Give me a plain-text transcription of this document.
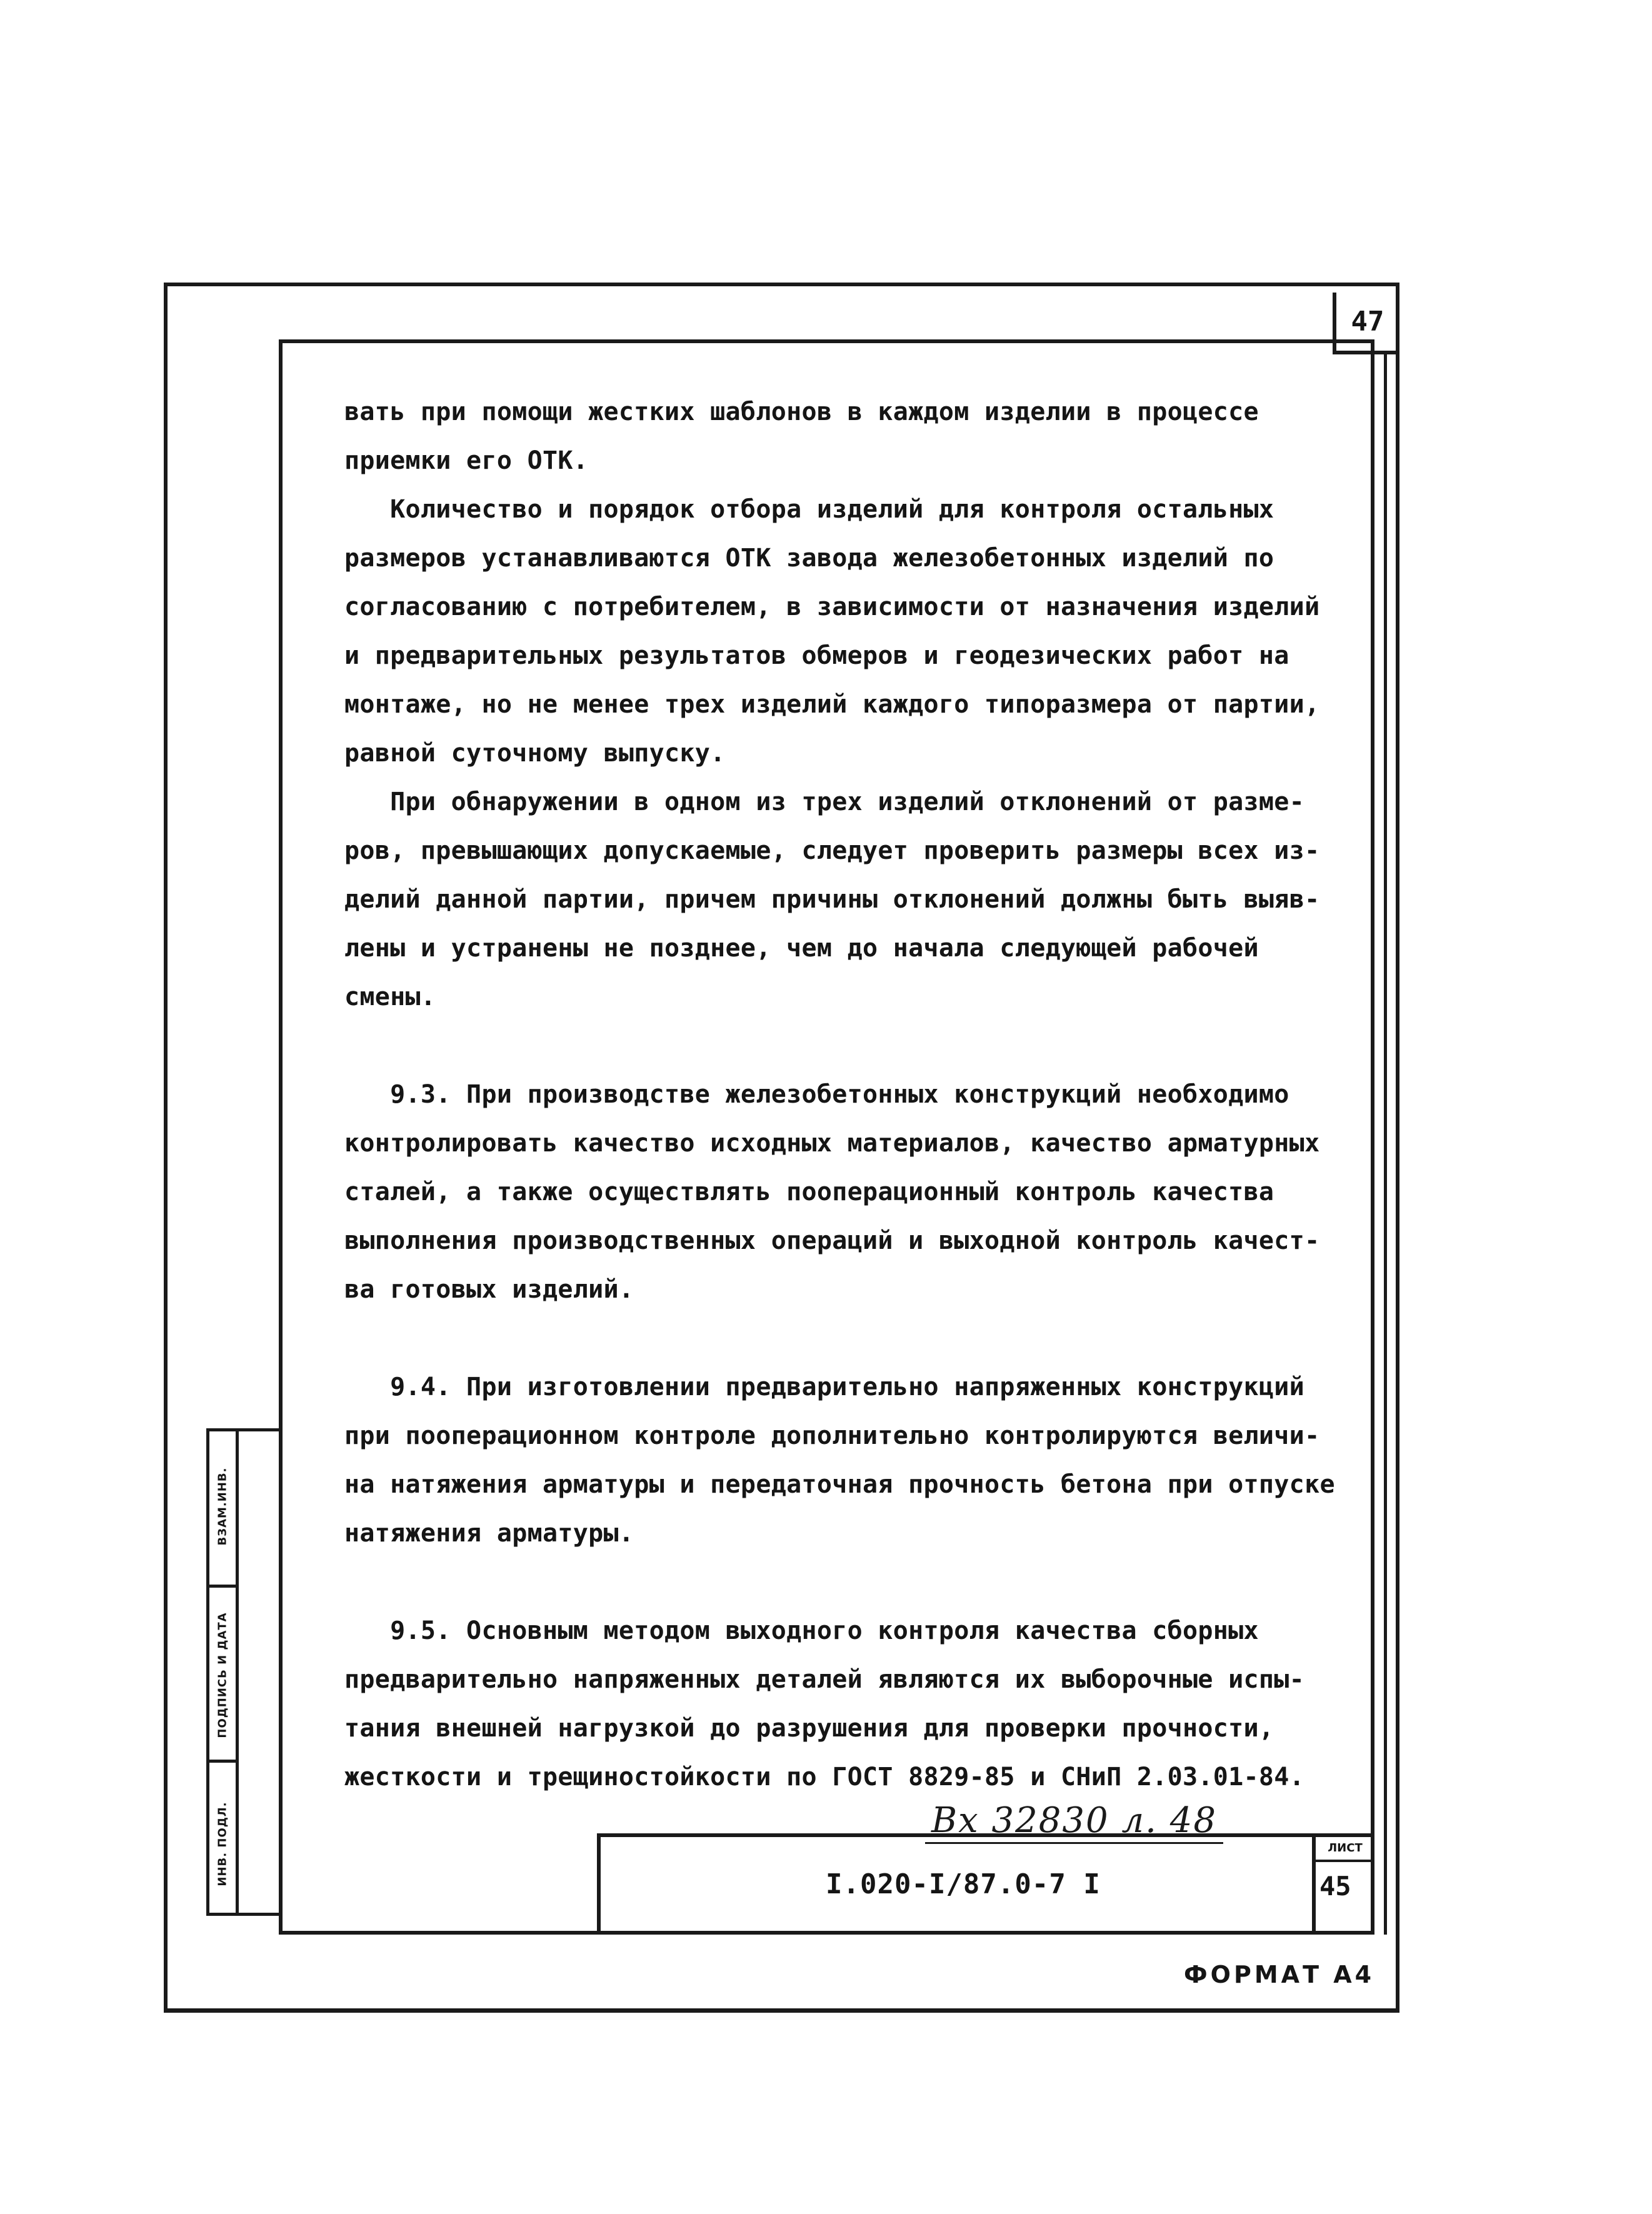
47
ВЗАМ.ИНВ.
ПОДПИСЬ И ДАТА
ИНВ. ПОДЛ.
вать при помощи жестких шаблонов в каждом изделии в процессе
приемки его ОТК.
Количество и порядок отбора изделий для контроля остальных
размеров устанавливаются ОТК завода железобетонных изделий по
согласованию с потребителем, в зависимости от назначения изделий
и предварительных результатов обмеров и геодезических работ на
монтаже, но не менее трех изделий каждого типоразмера от партии,
равной суточному выпуску.
При обнаружении в одном из трех изделий отклонений от разме-
ров, превышающих допускаемые, следует проверить размеры всех из-
делий данной партии, причем причины отклонений должны быть выяв-
лены и устранены не позднее, чем до начала следующей рабочей
смены.
9.3. При производстве железобетонных конструкций необходимо
контролировать качество исходных материалов, качество арматурных
сталей, а также осуществлять пооперационный контроль качества
выполнения производственных операций и выходной контроль качест-
ва готовых изделий.
9.4. При изготовлении предварительно напряженных конструкций
при пооперационном контроле дополнительно контролируются величи-
на натяжения арматуры и передаточная прочность бетона при отпуске
натяжения арматуры.
9.5. Основным методом выходного контроля качества сборных
предварительно напряженных деталей являются их выборочные испы-
тания внешней нагрузкой до разрушения для проверки прочности,
жесткости и трещиностойкости по ГОСТ 8829-85 и СНиП 2.03.01-84.
Вх 32830 л. 48
I.020-I/87.0-7 I
ЛИСТ
45
ФОРМАТ А4
